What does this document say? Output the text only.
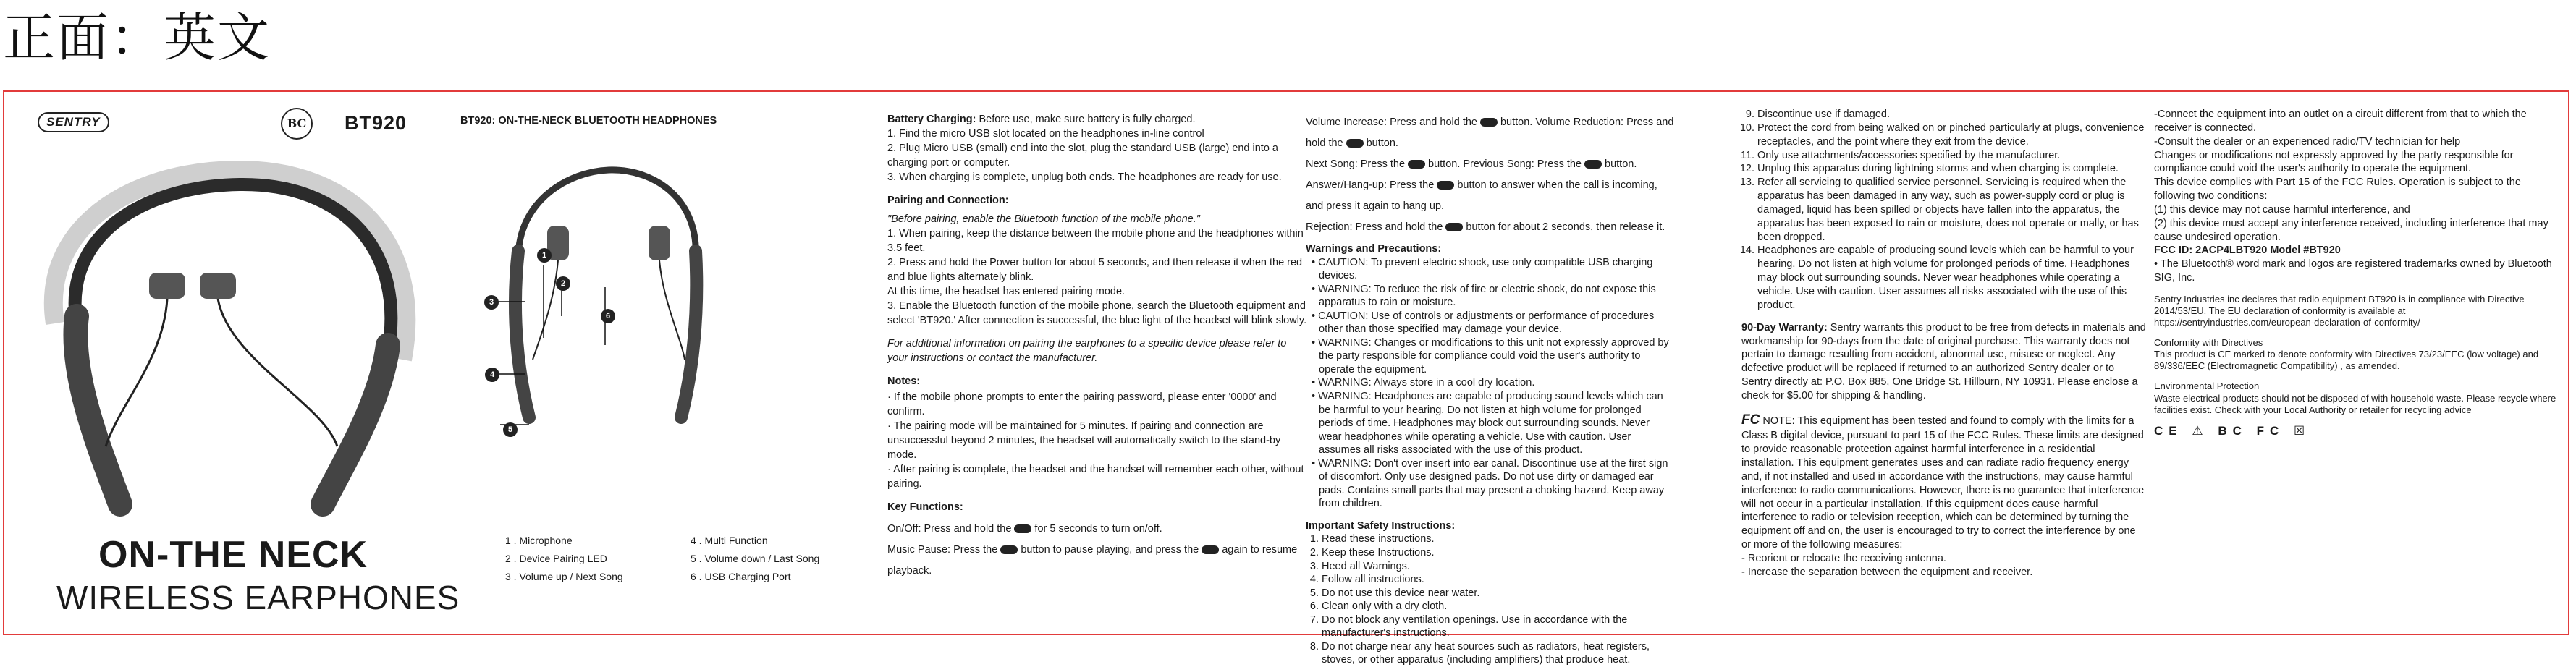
正面：英文
SENTRY	BC	BT920
ON-THE NECK
WIRELESS EARPHONES
BT920: ON-THE-NECK BLUETOOTH HEADPHONES
3
1
2
6
4
5
1 . Microphone
2 . Device Pairing LED
3 . Volume up / Next Song
4 . Multi Function
5 . Volume down / Last Song
6 . USB Charging Port

Battery Charging: Before use, make sure battery is fully charged.
1. Find the micro USB slot located on the headphones in-line control
2. Plug Micro USB (small) end into the slot, plug the standard USB (large) end into a charging port or computer.
3. When charging is complete, unplug both ends. The headphones are ready for use.

Pairing and Connection:

"Before pairing, enable the Bluetooth function of the mobile phone."
1. When pairing, keep the distance between the mobile phone and the headphones within 3.5 feet.
2. Press and hold the Power button for about 5 seconds, and then release it when the red and blue lights alternately blink.
At this time, the headset has entered pairing mode.
3. Enable the Bluetooth function of the mobile phone, search the Bluetooth equipment and select 'BT920.' After connection is successful, the blue light of the headset will blink slowly.

For additional information on pairing the earphones to a specific device please refer to your instructions or contact the manufacturer.

Notes:

· If the mobile phone prompts to enter the pairing password, please enter '0000' and confirm.
· The pairing mode will be maintained for 5 minutes. If pairing and connection are unsuccessful beyond 2 minutes, the headset will automatically switch to the stand-by mode.
· After pairing is complete, the headset and the handset will remember each other, without pairing.

Key Functions:

On/Off: Press and hold the for 5 seconds to turn on/off.
Music Pause: Press the button to pause playing, and press the again to resume playback.

Volume Increase: Press and hold the button. Volume Reduction: Press and hold the button.

Next Song: Press the button. Previous Song: Press the button.

Answer/Hang-up: Press the button to answer when the call is incoming, and press it again to hang up.

Rejection: Press and hold the button for about 2 seconds, then release it.

Warnings and Precautions:

• CAUTION: To prevent electric shock, use only compatible USB charging devices.
• WARNING: To reduce the risk of fire or electric shock, do not expose this apparatus to rain or moisture.
• CAUTION: Use of controls or adjustments or performance of procedures other than those specified may damage your device.
• WARNING: Changes or modifications to this unit not expressly approved by the party responsible for compliance could void the user's authority to operate the equipment.
• WARNING: Always store in a cool dry location.
• WARNING: Headphones are capable of producing sound levels which can be harmful to your hearing. Do not listen at high volume for prolonged periods of time. Headphones may block out surrounding sounds. Never wear headphones while operating a vehicle. Use with caution. User assumes all risks associated with the use of this product.
• WARNING: Don't over insert into ear canal. Discontinue use at the first sign of discomfort. Only use designed pads. Do not use dirty or damaged ear pads. Contains small parts that may present a choking hazard. Keep away from children.

Important Safety Instructions:

1. Read these instructions.
2. Keep these Instructions.
3. Heed all Warnings.
4. Follow all instructions.
5. Do not use this device near water.
6. Clean only with a dry cloth.
7. Do not block any ventilation openings. Use in accordance with the manufacturer's instructions.
8. Do not charge near any heat sources such as radiators, heat registers, stoves, or other apparatus (including amplifiers) that produce heat.
9. Discontinue use if damaged.
10. Protect the cord from being walked on or pinched particularly at plugs, convenience receptacles, and the point where they exit from the device.
11. Only use attachments/accessories specified by the manufacturer.
12. Unplug this apparatus during lightning storms and when charging is complete.
13. Refer all servicing to qualified service personnel. Servicing is required when the apparatus has been damaged in any way, such as power-supply cord or plug is damaged, liquid has been spilled or objects have fallen into the apparatus, the apparatus has been exposed to rain or moisture, does not operate or mally, or has been dropped.
14. Headphones are capable of producing sound levels which can be harmful to your hearing. Do not listen at high volume for prolonged periods of time. Headphones may block out surrounding sounds. Never wear headphones while operating a vehicle. Use with caution. User assumes all risks associated with the use of this product.

90-Day Warranty: Sentry warrants this product to be free from defects in materials and workmanship for 90-days from the date of original purchase. This warranty does not pertain to damage resulting from accident, abnormal use, misuse or neglect. Any defective product will be replaced if returned to an authorized Sentry dealer or to Sentry directly at: P.O. Box 885, One Bridge St. Hillburn, NY 10931. Please enclose a check for $5.00 for shipping & handling.

FC NOTE: This equipment has been tested and found to comply with the limits for a Class B digital device, pursuant to part 15 of the FCC Rules. These limits are designed to provide reasonable protection against harmful interference in a residential installation. This equipment generates uses and can radiate radio frequency energy and, if not installed and used in accordance with the instructions, may cause harmful interference to radio communications. However, there is no guarantee that interference will not occur in a particular installation. If this equipment does cause harmful interference to radio or television reception, which can be determined by turning the equipment off and on, the user is encouraged to try to correct the interference by one or more of the following measures:

- Reorient or relocate the receiving antenna.
- Increase the separation between the equipment and receiver.
-Connect the equipment into an outlet on a circuit different from that to which the receiver is connected.
-Consult the dealer or an experienced radio/TV technician for help
Changes or modifications not expressly approved by the party responsible for compliance could void the user's authority to operate the equipment.
This device complies with Part 15 of the FCC Rules. Operation is subject to the following two conditions:
(1) this device may not cause harmful interference, and
(2) this device must accept any interference received, including interference that may cause undesired operation.
FCC ID: 2ACP4LBT920 Model #BT920
• The Bluetooth® word mark and logos are registered trademarks owned by Bluetooth SIG, Inc.
Sentry Industries inc declares that radio equipment BT920 is in compliance with Directive 2014/53/EU. The EU declaration of conformity is available at https://sentryindustries.com/european-declaration-of-conformity/
Conformity with Directives
This product is CE marked to denote conformity with Directives 73/23/EEC (low voltage) and 89/336/EEC (Electromagnetic Compatibility) , as amended.
Environmental Protection
Waste electrical products should not be disposed of with household waste. Please recycle where facilities exist. Check with your Local Authority or retailer for recycling advice
CE ⚠ BC FC ☒
